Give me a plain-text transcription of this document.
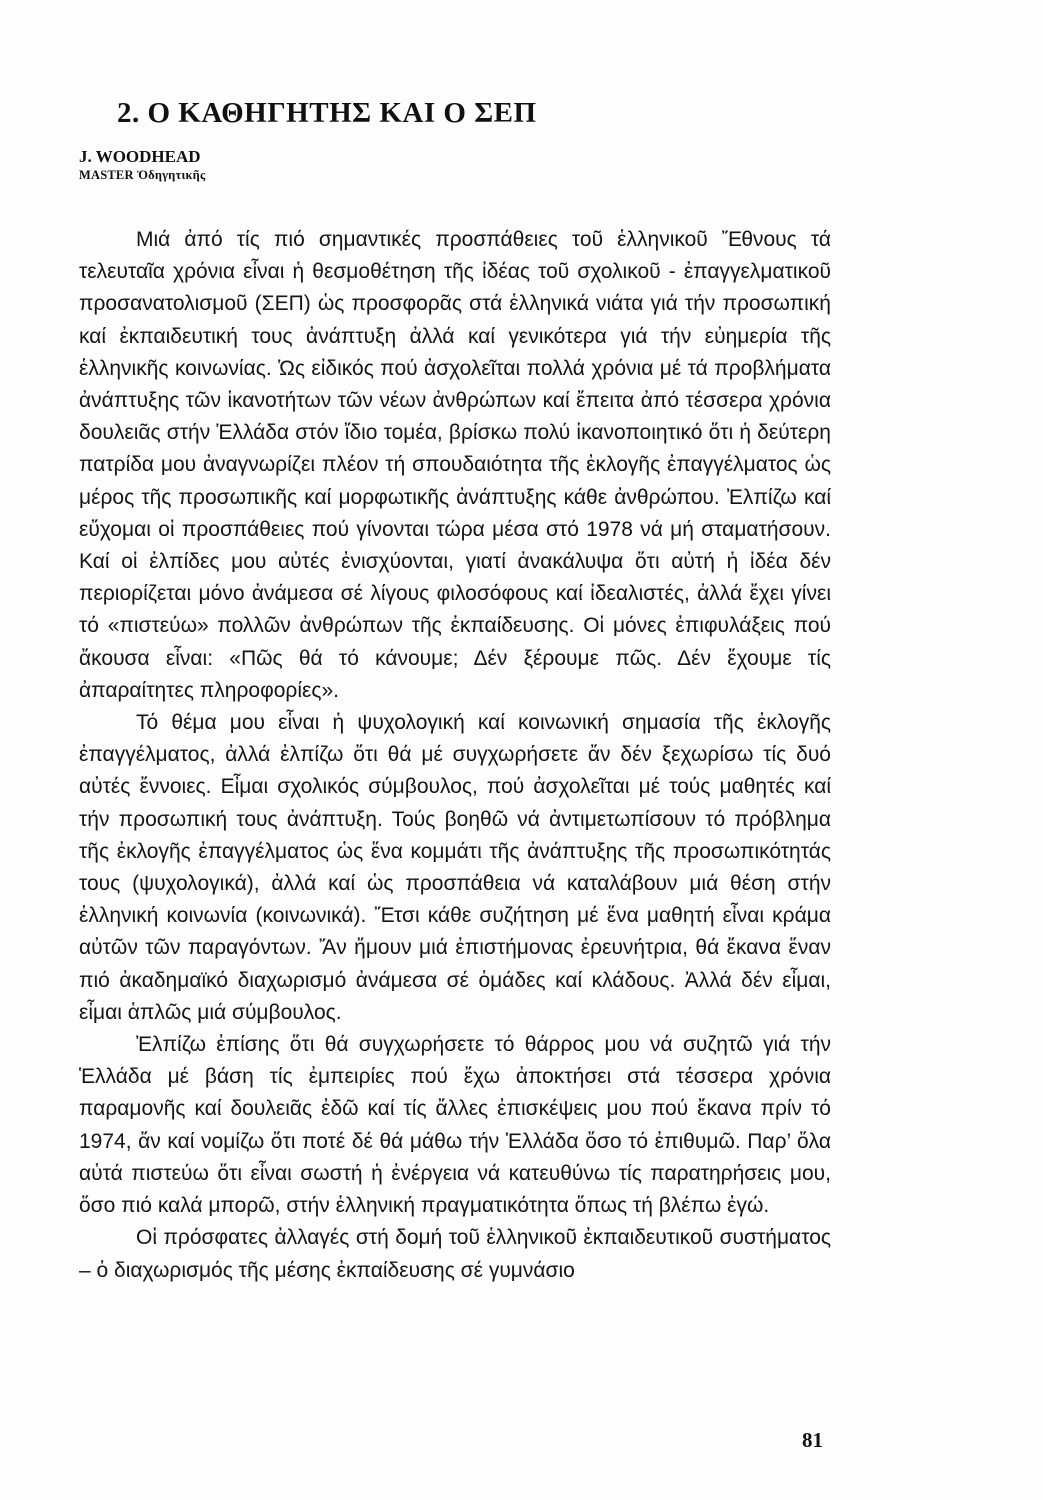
2. Ο ΚΑΘΗΓΗΤΗΣ ΚΑΙ Ο ΣΕΠ
J. WOODHEAD
MASTER Ὀδηγητικῆς

Μιά ἀπό τίς πιό σημαντικές προσπάθειες τοῦ ἑλληνικοῦ Ἔθνους τά τελευταῖα χρόνια εἶναι ἡ θεσμοθέτηση τῆς ἰδέας τοῦ σχολικοῦ - ἐπαγγελματικοῦ προσανατολισμοῦ (ΣΕΠ) ὡς προσφορᾶς στά ἑλληνικά νιάτα γιά τήν προσωπική καί ἐκπαιδευτική τους ἀνάπτυξη ἀλλά καί γενικότερα γιά τήν εὐημερία τῆς ἑλληνικῆς κοινωνίας. Ὡς εἰδικός πού ἀσχολεῖται πολλά χρόνια μέ τά προβλήματα ἀνάπτυξης τῶν ἱκανοτήτων τῶν νέων ἀνθρώπων καί ἔπειτα ἀπό τέσσερα χρόνια δουλειᾶς στήν Ἑλλάδα στόν ἴδιο τομέα, βρίσκω πολύ ἱκανοποιητικό ὅτι ἡ δεύτερη πατρίδα μου ἀναγνωρίζει πλέον τή σπουδαιότητα τῆς ἐκλογῆς ἐπαγγέλματος ὡς μέρος τῆς προσωπικῆς καί μορφωτικῆς ἀνάπτυξης κάθε ἀνθρώπου. Ἐλπίζω καί εὔχομαι οἱ προσπάθειες πού γίνονται τώρα μέσα στό 1978 νά μή σταματήσουν. Καί οἱ ἐλπίδες μου αὐτές ἐνισχύονται, γιατί ἀνακάλυψα ὅτι αὐτή ἡ ἰδέα δέν περιορίζεται μόνο ἀνάμεσα σέ λίγους φιλοσόφους καί ἰδεαλιστές, ἀλλά ἔχει γίνει τό «πιστεύω» πολλῶν ἀνθρώπων τῆς ἐκπαίδευσης. Οἱ μόνες ἐπιφυλάξεις πού ἄκουσα εἶναι: «Πῶς θά τό κάνουμε; Δέν ξέρουμε πῶς. Δέν ἔχουμε τίς ἀπαραίτητες πληροφορίες».

Τό θέμα μου εἶναι ἡ ψυχολογική καί κοινωνική σημασία τῆς ἐκλογῆς ἐπαγγέλματος, ἀλλά ἐλπίζω ὅτι θά μέ συγχωρήσετε ἄν δέν ξεχωρίσω τίς δυό αὐτές ἔννοιες. Εἶμαι σχολικός σύμβουλος, πού ἀσχολεῖται μέ τούς μαθητές καί τήν προσωπική τους ἀνάπτυξη. Τούς βοηθῶ νά ἀντιμετωπίσουν τό πρόβλημα τῆς ἐκλογῆς ἐπαγγέλματος ὡς ἕνα κομμάτι τῆς ἀνάπτυξης τῆς προσωπικότητάς τους (ψυχολογικά), ἀλλά καί ὡς προσπάθεια νά καταλάβουν μιά θέση στήν ἑλληνική κοινωνία (κοινωνικά). Ἔτσι κάθε συζήτηση μέ ἕνα μαθητή εἶναι κράμα αὐτῶν τῶν παραγόντων. Ἄν ἤμουν μιά ἐπιστήμονας ἐρευνήτρια, θά ἔκανα ἕναν πιό ἀκαδημαϊκό διαχωρισμό ἀνάμεσα σέ ὁμάδες καί κλάδους. Ἀλλά δέν εἶμαι, εἶμαι ἁπλῶς μιά σύμβουλος.

Ἐλπίζω ἐπίσης ὅτι θά συγχωρήσετε τό θάρρος μου νά συζητῶ γιά τήν Ἑλλάδα μέ βάση τίς ἐμπειρίες πού ἔχω ἀποκτήσει στά τέσσερα χρόνια παραμονῆς καί δουλειᾶς ἐδῶ καί τίς ἄλλες ἐπισκέψεις μου πού ἔκανα πρίν τό 1974, ἄν καί νομίζω ὅτι ποτέ δέ θά μάθω τήν Ἑλλάδα ὅσο τό ἐπιθυμῶ. Παρ’ ὅλα αὐτά πιστεύω ὅτι εἶναι σωστή ἡ ἐνέργεια νά κατευθύνω τίς παρατηρήσεις μου, ὅσο πιό καλά μπορῶ, στήν ἑλληνική πραγματικότητα ὅπως τή βλέπω ἐγώ.

Οἱ πρόσφατες ἀλλαγές στή δομή τοῦ ἑλληνικοῦ ἐκπαιδευτικοῦ συστήματος – ὁ διαχωρισμός τῆς μέσης ἐκπαίδευσης σέ γυμνάσιο

81
